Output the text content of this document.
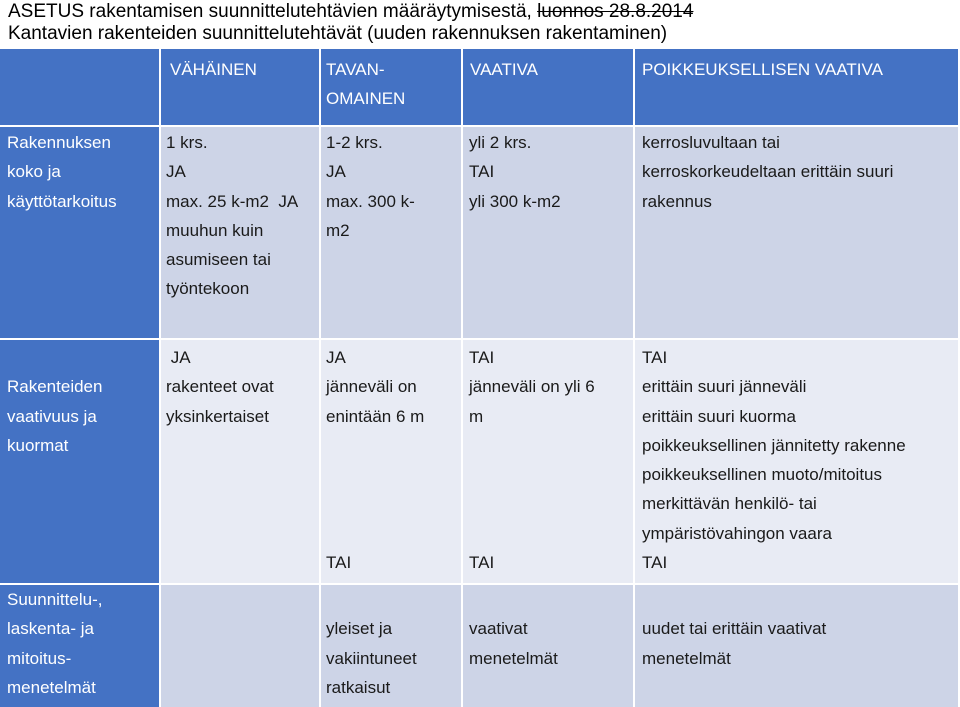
ASETUS rakentamisen suunnittelutehtävien määräytymisestä, luonnos 28.8.2014
Kantavien rakenteiden suunnittelutehtävät (uuden rakennuksen rakentaminen)
VÄHÄINEN	TAVAN-
OMAINEN
VAATIVA	POIKKEUKSELLISEN VAATIVA
Rakennuksen
koko ja
käyttötarkoitus
1 krs.
JA
max. 25 k-m2  JA
muuhun kuin
asumiseen tai
työntekoon
1-2 krs.
JA
max. 300 k-
m2
yli 2 krs.
TAI
yli 300 k-m2
kerrosluvultaan tai
kerroskorkeudeltaan erittäin suuri
rakennus

Rakenteiden
vaativuus ja
kuormat
JA
rakenteet ovat
yksinkertaiset
JA
jänneväli on
enintään 6 m

TAI
TAI
jänneväli on yli 6
m

TAI
TAI
erittäin suuri jänneväli
erittäin suuri kuorma
poikkeuksellinen jännitetty rakenne
poikkeuksellinen muoto/mitoitus
merkittävän henkilö- tai
ympäristövahingon vaara
TAI
Suunnittelu-,
laskenta- ja
mitoitus-
menetelmät

yleiset ja
vakiintuneet
ratkaisut

vaativat
menetelmät

uudet tai erittäin vaativat
menetelmät
